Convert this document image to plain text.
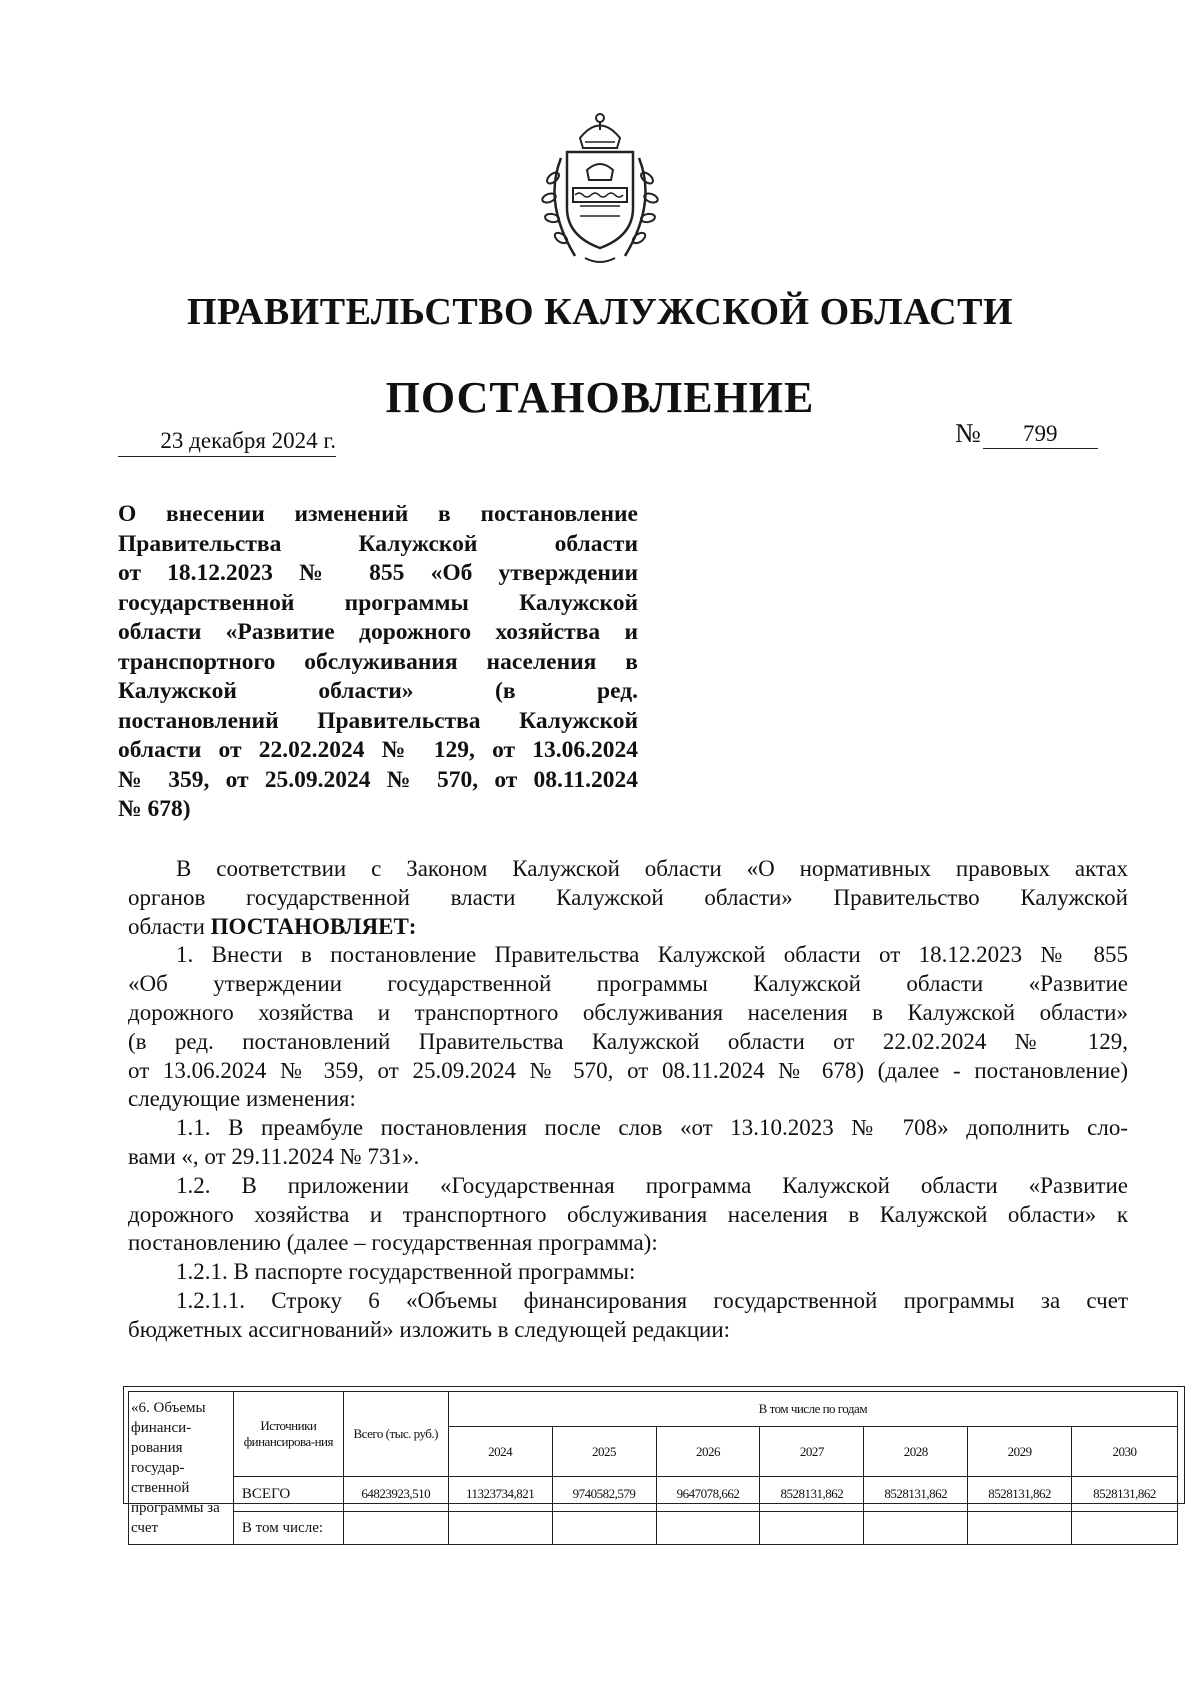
ПРАВИТЕЛЬСТВО КАЛУЖСКОЙ ОБЛАСТИ
ПОСТАНОВЛЕНИЕ
23 декабря 2024 г.	№	799
О внесении изменений в постановление
Правительства Калужской области
от 18.12.2023 № 855 «Об утверждении
государственной программы Калужской
области «Развитие дорожного хозяйства и
транспортного обслуживания населения в
Калужской области» (в ред.
постановлений Правительства Калужской
области от 22.02.2024 № 129, от 13.06.2024
№ 359, от 25.09.2024 № 570, от 08.11.2024
№ 678)
В соответствии с Законом Калужской области «О нормативных правовых актах
органов государственной власти Калужской области» Правительство Калужской
области ПОСТАНОВЛЯЕТ:
1. Внести в постановление Правительства Калужской области от 18.12.2023 № 855
«Об утверждении государственной программы Калужской области «Развитие
дорожного хозяйства и транспортного обслуживания населения в Калужской области»
(в ред. постановлений Правительства Калужской области от 22.02.2024 № 129,
от 13.06.2024 № 359, от 25.09.2024 № 570, от 08.11.2024 № 678) (далее - постановление)
следующие изменения:
1.1. В преамбуле постановления после слов «от 13.10.2023 № 708» дополнить сло-
вами «, от 29.11.2024 № 731».
1.2. В приложении «Государственная программа Калужской области «Развитие
дорожного хозяйства и транспортного обслуживания населения в Калужской области» к
постановлению (далее – государственная программа):
1.2.1. В паспорте государственной программы:
1.2.1.1. Строку 6 «Объемы финансирования государственной программы за счет
бюджетных ассигнований» изложить в следующей редакции:
«6. Объемы финанси-рования государ-ственной программы за счет	Источники финансирова-ния	Всего (тыс. руб.)	В том числе по годам						
			2024	2025	2026	2027	2028	2029	2030
	ВСЕГО	64823923,510	11323734,821	9740582,579	9647078,662	8528131,862	8528131,862	8528131,862	8528131,862
	В том числе:								
